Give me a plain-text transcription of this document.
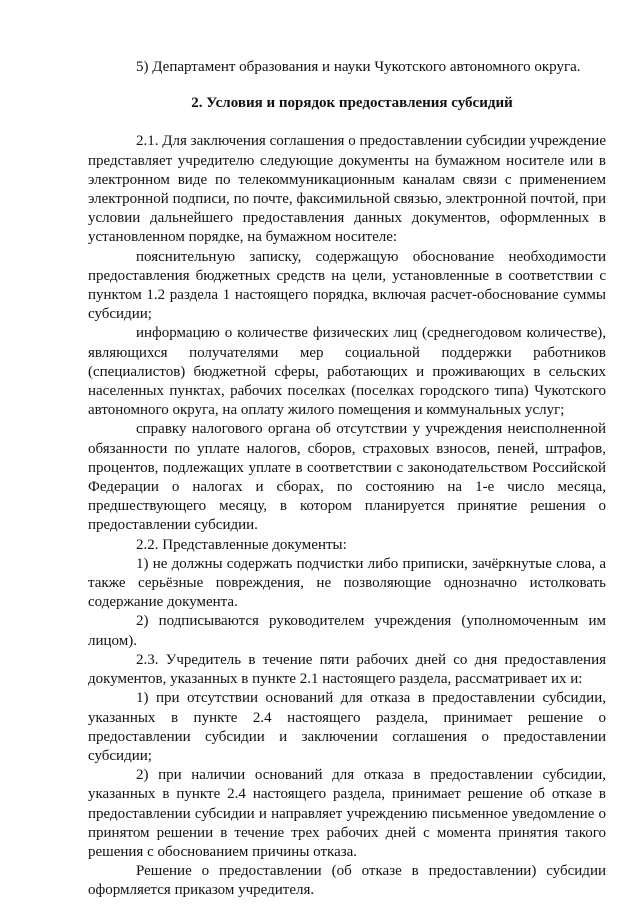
5) Департамент образования и науки Чукотского автономного округа.

2. Условия и порядок предоставления субсидий

2.1. Для заключения соглашения о предоставлении субсидии учреждение представляет учредителю следующие документы на бумажном носителе или в электронном виде по телекоммуникационным каналам связи с применением электронной подписи, по почте, факсимильной связью, электронной почтой, при условии дальнейшего предоставления данных документов, оформленных в установленном порядке, на бумажном носителе:

пояснительную записку, содержащую обоснование необходимости предоставления бюджетных средств на цели, установленные в соответствии с пунктом 1.2 раздела 1 настоящего порядка, включая расчет-обоснование суммы субсидии;

информацию о количестве физических лиц (среднегодовом количестве), являющихся получателями мер социальной поддержки работников (специалистов) бюджетной сферы, работающих и проживающих в сельских населенных пунктах, рабочих поселках (поселках городского типа) Чукотского автономного округа, на оплату жилого помещения и коммунальных услуг;

справку налогового органа об отсутствии у учреждения неисполненной обязанности по уплате налогов, сборов, страховых взносов, пеней, штрафов, процентов, подлежащих уплате в соответствии с законодательством Российской Федерации о налогах и сборах, по состоянию на 1-е число месяца, предшествующего месяцу, в котором планируется принятие решения о предоставлении субсидии.

2.2. Представленные документы:

1) не должны содержать подчистки либо приписки, зачёркнутые слова, а также серьёзные повреждения, не позволяющие однозначно истолковать содержание документа.

2) подписываются руководителем учреждения (уполномоченным им лицом).

2.3. Учредитель в течение пяти рабочих дней со дня предоставления документов, указанных в пункте 2.1 настоящего раздела, рассматривает их и:

1) при отсутствии оснований для отказа в предоставлении субсидии, указанных в пункте 2.4 настоящего раздела, принимает решение о предоставлении субсидии и заключении соглашения о предоставлении субсидии;

2) при наличии оснований для отказа в предоставлении субсидии, указанных в пункте 2.4 настоящего раздела, принимает решение об отказе в предоставлении субсидии и направляет учреждению письменное уведомление о принятом решении в течение трех рабочих дней с момента принятия такого решения с обоснованием причины отказа.

Решение о предоставлении (об отказе в предоставлении) субсидии оформляется приказом учредителя.
